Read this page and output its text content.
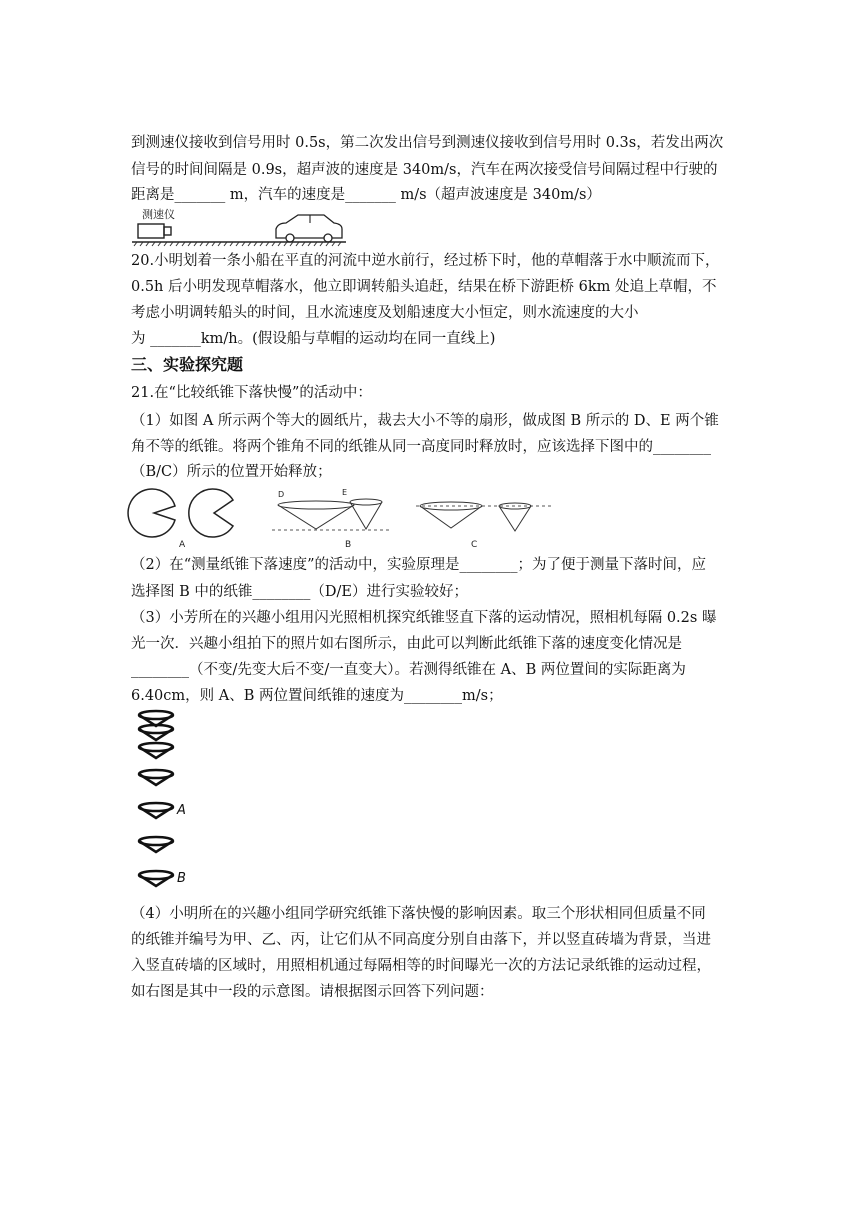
到测速仪接收到信号用时 0.5s，第二次发出信号到测速仪接收到信号用时 0.3s，若发出两次
信号的时间间隔是 0.9s，超声波的速度是 340m/s，汽车在两次接受信号间隔过程中行驶的
距离是_______ m，汽车的速度是_______ m/s（超声波速度是 340m/s）
测速仪
20.小明划着一条小船在平直的河流中逆水前行，经过桥下时，他的草帽落于水中顺流而下，
0.5h 后小明发现草帽落水，他立即调转船头追赶，结果在桥下游距桥 6km 处追上草帽，不
考虑小明调转船头的时间，且水流速度及划船速度大小恒定，则水流速度的大小
为 _______km/h。(假设船与草帽的运动均在同一直线上)
三、实验探究题
21.在“比较纸锥下落快慢”的活动中：
（1）如图 A 所示两个等大的圆纸片，裁去大小不等的扇形，做成图 B 所示的 D、E 两个锥
角不等的纸锥。将两个锥角不同的纸锥从同一高度同时释放时，应该选择下图中的________
（B/C）所示的位置开始释放；
A
D	E
B	C
（2）在“测量纸锥下落速度”的活动中，实验原理是________；为了便于测量下落时间，应
选择图 B 中的纸锥________（D/E）进行实验较好；
（3）小芳所在的兴趣小组用闪光照相机探究纸锥竖直下落的运动情况，照相机每隔 0.2s 曝
光一次．兴趣小组拍下的照片如右图所示，由此可以判断此纸锥下落的速度变化情况是
________（不变/先变大后不变/一直变大）。若测得纸锥在 A、B 两位置间的实际距离为
6.40cm，则 A、B 两位置间纸锥的速度为________m/s；
A
B
（4）小明所在的兴趣小组同学研究纸锥下落快慢的影响因素。取三个形状相同但质量不同
的纸锥并编号为甲、乙、丙，让它们从不同高度分别自由落下，并以竖直砖墙为背景，当进
入竖直砖墙的区域时，用照相机通过每隔相等的时间曝光一次的方法记录纸锥的运动过程，
如右图是其中一段的示意图。请根据图示回答下列问题：
